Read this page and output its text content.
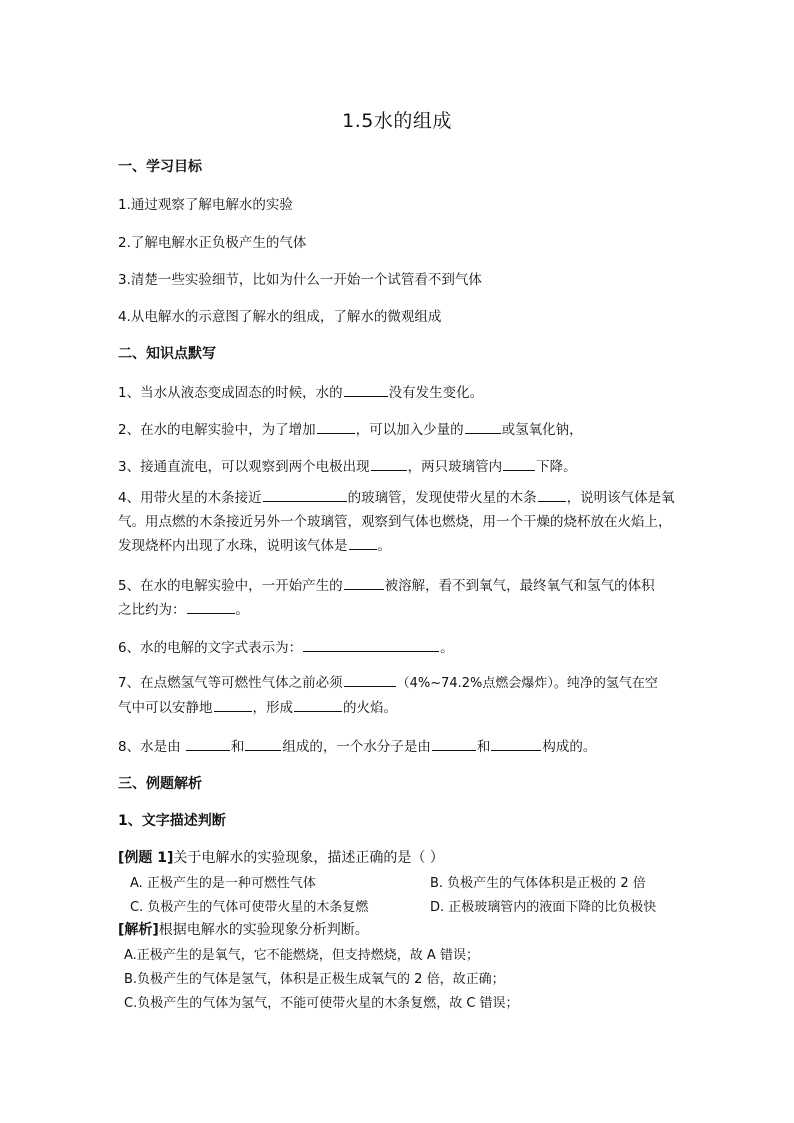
1.5水的组成
一、学习目标
1.通过观察了解电解水的实验
2.了解电解水正负极产生的气体
3.清楚一些实验细节，比如为什么一开始一个试管看不到气体
4.从电解水的示意图了解水的组成，了解水的微观组成
二、知识点默写
1、当水从液态变成固态的时候，水的	没有发生变化。
2、在水的电解实验中，为了增加	，可以加入少量的	或氢氧化钠，
3、接通直流电，可以观察到两个电极出现	，两只玻璃管内	下降。
4、用带火星的木条接近	的玻璃管，发现使带火星的木条 ，说明该气体是氧
气。用点燃的木条接近另外一个玻璃管，观察到气体也燃烧，用一个干燥的烧杯放在火焰上，
发现烧杯内出现了水珠，说明该气体是 。
5、在水的电解实验中，一开始产生的	被溶解，看不到氧气，最终氧气和氢气的体积
之比约为：	。
6、水的电解的文字式表示为：	。
7、在点燃氢气等可燃性气体之前必须	（4%~74.2%点燃会爆炸）。纯净的氢气在空
气中可以安静地	，形成	的火焰。
8、水是由	和	组成的，一个水分子是由	和	构成的。
三、例题解析
1、文字描述判断
[例题 1]关于电解水的实验现象，描述正确的是（ ）
A. 正极产生的是一种可燃性气体	B. 负极产生的气体体积是正极的 2 倍
C. 负极产生的气体可使带火星的木条复燃	D. 正极玻璃管内的液面下降的比负极快
[解析]根据电解水的实验现象分析判断。
A.正极产生的是氧气，它不能燃烧，但支持燃烧，故 A 错误；
B.负极产生的气体是氢气，体积是正极生成氧气的 2 倍，故正确；
C.负极产生的气体为氢气，不能可使带火星的木条复燃，故 C 错误；
